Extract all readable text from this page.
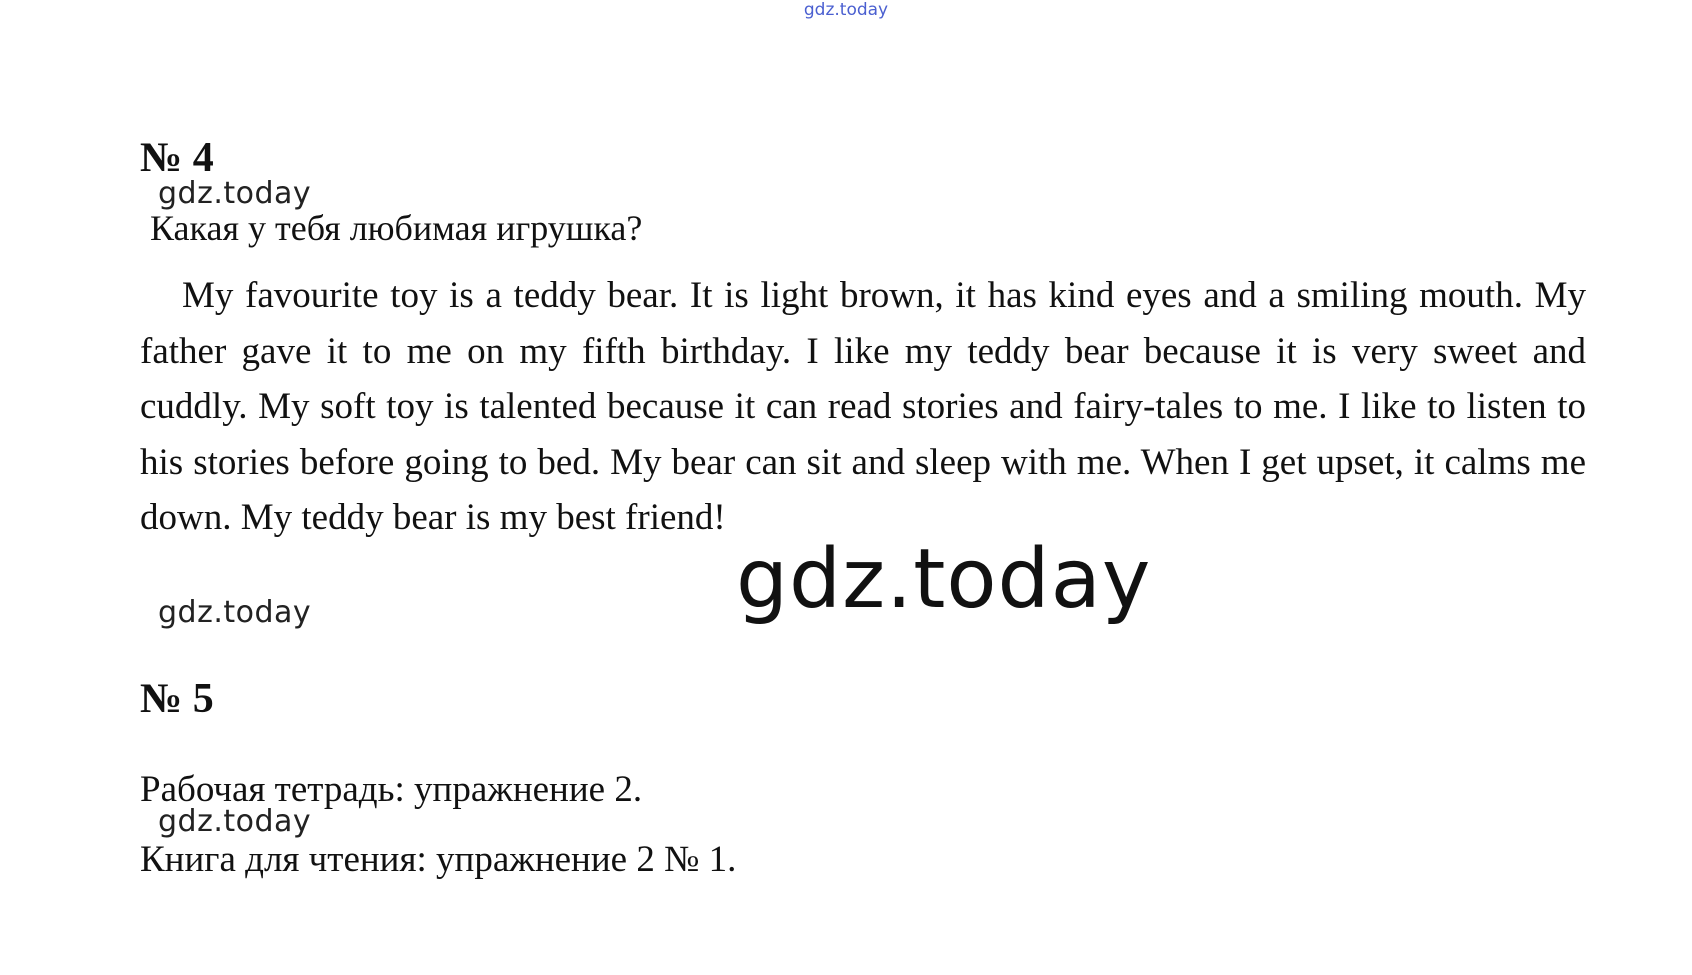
gdz.today
№ 4
gdz.today
Какая у тебя любимая игрушка?

My favourite toy is a teddy bear. It is light brown, it has kind eyes and a smiling mouth. My father gave it to me on my fifth birthday. I like my teddy bear because it is very sweet and cuddly. My soft toy is talented because it can read stories and fairy-tales to me. I like to listen to his stories before going to bed. My bear can sit and sleep with me. When I get upset, it calms me down. My teddy bear is my best friend!

gdz.today
gdz.today
№ 5
Рабочая тетрадь: упражнение 2.
gdz.today
Книга для чтения: упражнение 2 № 1.
